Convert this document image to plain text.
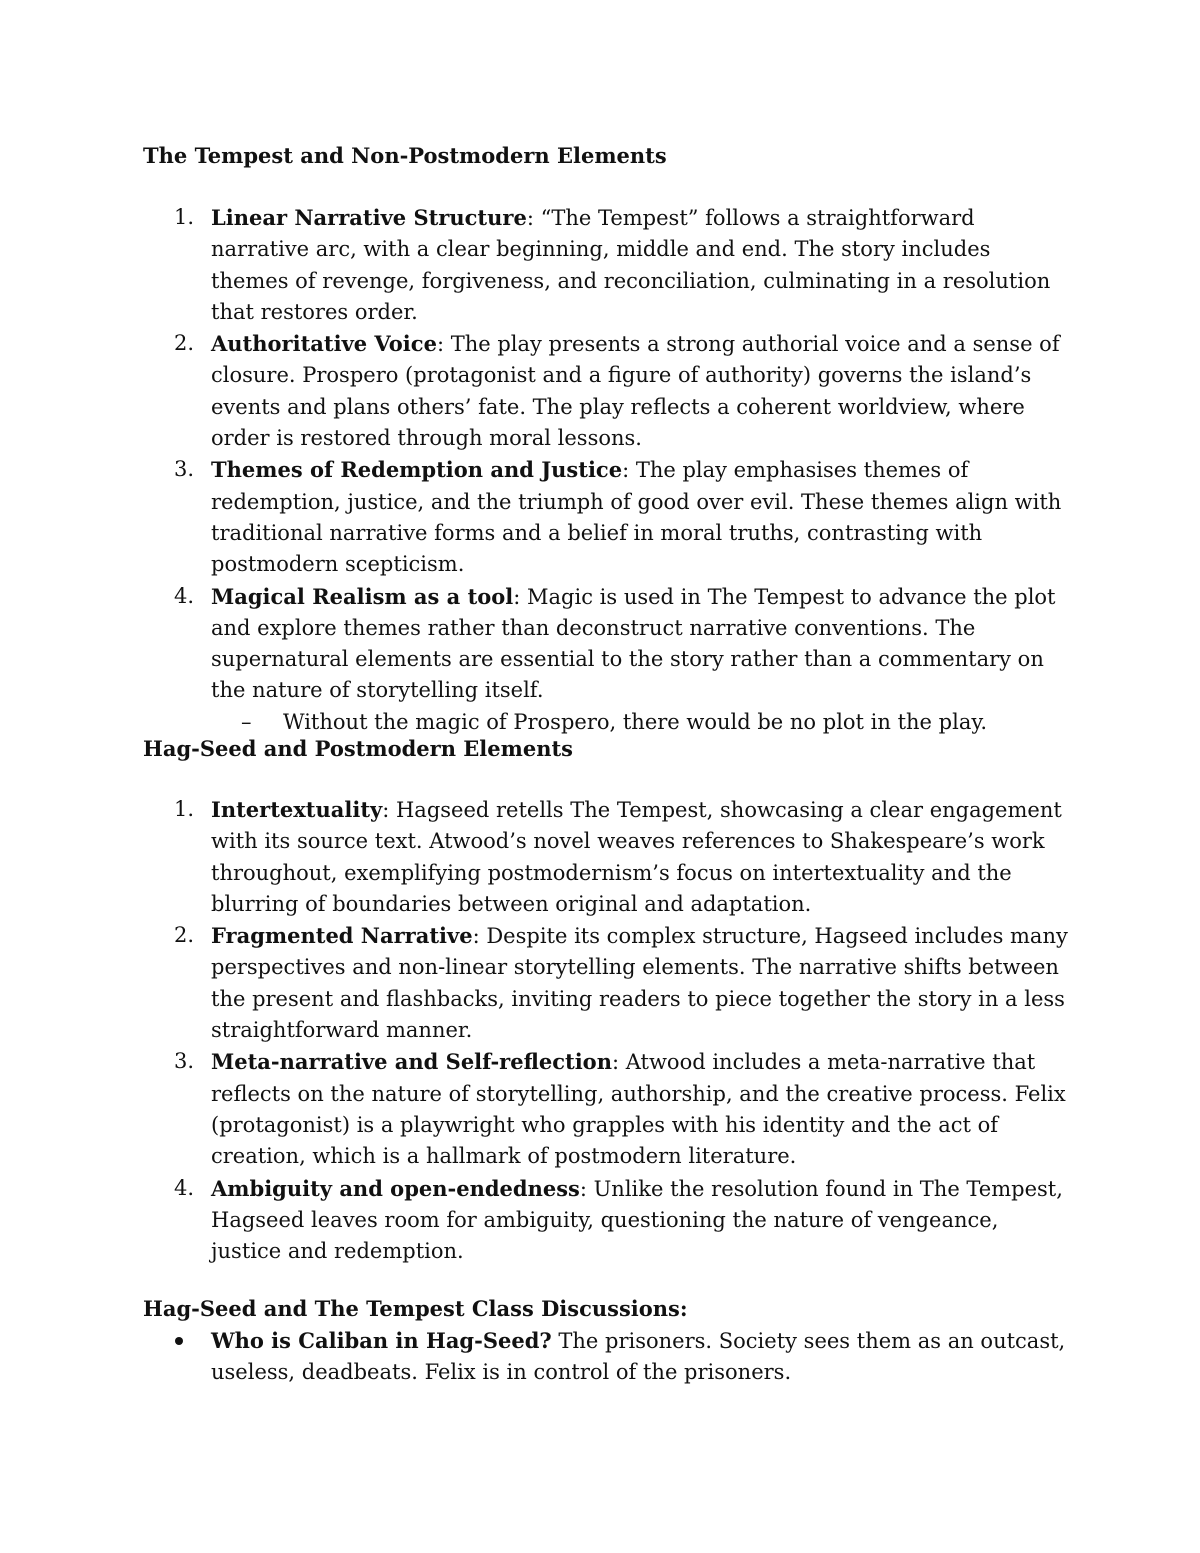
The Tempest and Non-Postmodern Elements
1. Linear Narrative Structure: “The Tempest” follows a straightforward narrative arc, with a clear beginning, middle and end. The story includes themes of revenge, forgiveness, and reconciliation, culminating in a resolution that restores order.
2. Authoritative Voice: The play presents a strong authorial voice and a sense of closure. Prospero (protagonist and a figure of authority) governs the island’s events and plans others’ fate. The play reflects a coherent worldview, where order is restored through moral lessons.
3. Themes of Redemption and Justice: The play emphasises themes of redemption, justice, and the triumph of good over evil. These themes align with traditional narrative forms and a belief in moral truths, contrasting with postmodern scepticism.
4. Magical Realism as a tool: Magic is used in The Tempest to advance the plot and explore themes rather than deconstruct narrative conventions. The supernatural elements are essential to the story rather than a commentary on the nature of storytelling itself.
– Without the magic of Prospero, there would be no plot in the play.
Hag-Seed and Postmodern Elements
1. Intertextuality: Hagseed retells The Tempest, showcasing a clear engagement with its source text. Atwood’s novel weaves references to Shakespeare’s work throughout, exemplifying postmodernism’s focus on intertextuality and the blurring of boundaries between original and adaptation.
2. Fragmented Narrative: Despite its complex structure, Hagseed includes many perspectives and non-linear storytelling elements. The narrative shifts between the present and flashbacks, inviting readers to piece together the story in a less straightforward manner.
3. Meta-narrative and Self-reflection: Atwood includes a meta-narrative that reflects on the nature of storytelling, authorship, and the creative process. Felix (protagonist) is a playwright who grapples with his identity and the act of creation, which is a hallmark of postmodern literature.
4. Ambiguity and open-endedness: Unlike the resolution found in The Tempest, Hagseed leaves room for ambiguity, questioning the nature of vengeance, justice and redemption.
Hag-Seed and The Tempest Class Discussions:
Who is Caliban in Hag-Seed? The prisoners. Society sees them as an outcast, useless, deadbeats. Felix is in control of the prisoners.
